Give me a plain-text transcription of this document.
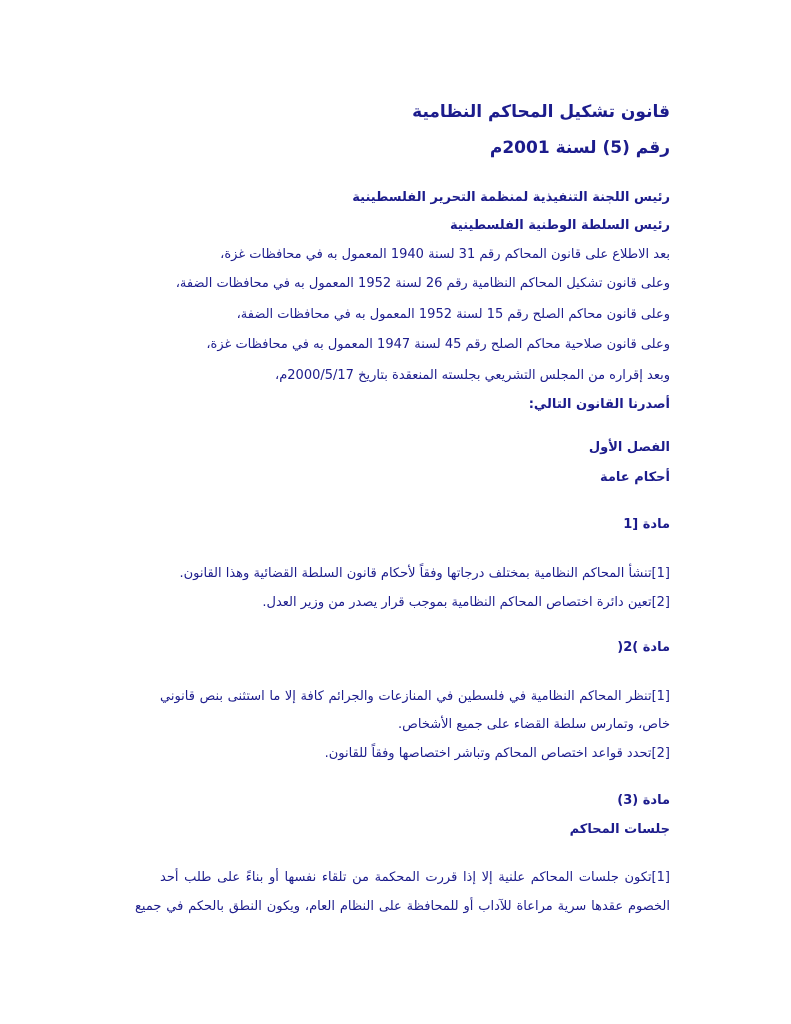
قانون تشكيل المحاكم النظامية
رقم (5) لسنة 2001م
رئيس اللجنة التنفيذية لمنظمة التحرير الفلسطينية
رئيس السلطة الوطنية الفلسطينية
بعد الاطلاع على قانون المحاكم رقم 31 لسنة 1940 المعمول به في محافظات غزة،
وعلى قانون تشكيل المحاكم النظامية رقم 26 لسنة 1952 المعمول به في محافظات الضفة،
وعلى قانون محاكم الصلح رقم 15 لسنة 1952 المعمول به في محافظات الضفة،
وعلى قانون صلاحية محاكم الصلح رقم 45 لسنة 1947 المعمول به في محافظات غزة،
وبعد إقراره من المجلس التشريعي بجلسته المنعقدة بتاريخ 2000/5/17م،
أصدرنا القانون التالي:
الفصل الأول
أحكام عامة
مادة [1
[1]تنشأ المحاكم النظامية بمختلف درجاتها وفقاً لأحكام قانون السلطة القضائية وهذا القانون.
[2]تعين دائرة اختصاص المحاكم النظامية بموجب قرار يصدر من وزير العدل.
مادة )2(
[1]تنظر المحاكم النظامية في فلسطين في المنازعات والجرائم كافة إلا ما استثنى بنص قانوني
خاص، وتمارس سلطة القضاء على جميع الأشخاص.
[2]تحدد قواعد اختصاص المحاكم وتباشر اختصاصها وفقاً للقانون.
مادة (3)
جلسات المحاكم
[1]تكون جلسات المحاكم علنية إلا إذا قررت المحكمة من تلقاء نفسها أو بناءً على طلب أحد
الخصوم عقدها سرية مراعاة للآداب أو للمحافظة على النظام العام، ويكون النطق بالحكم في جميع
